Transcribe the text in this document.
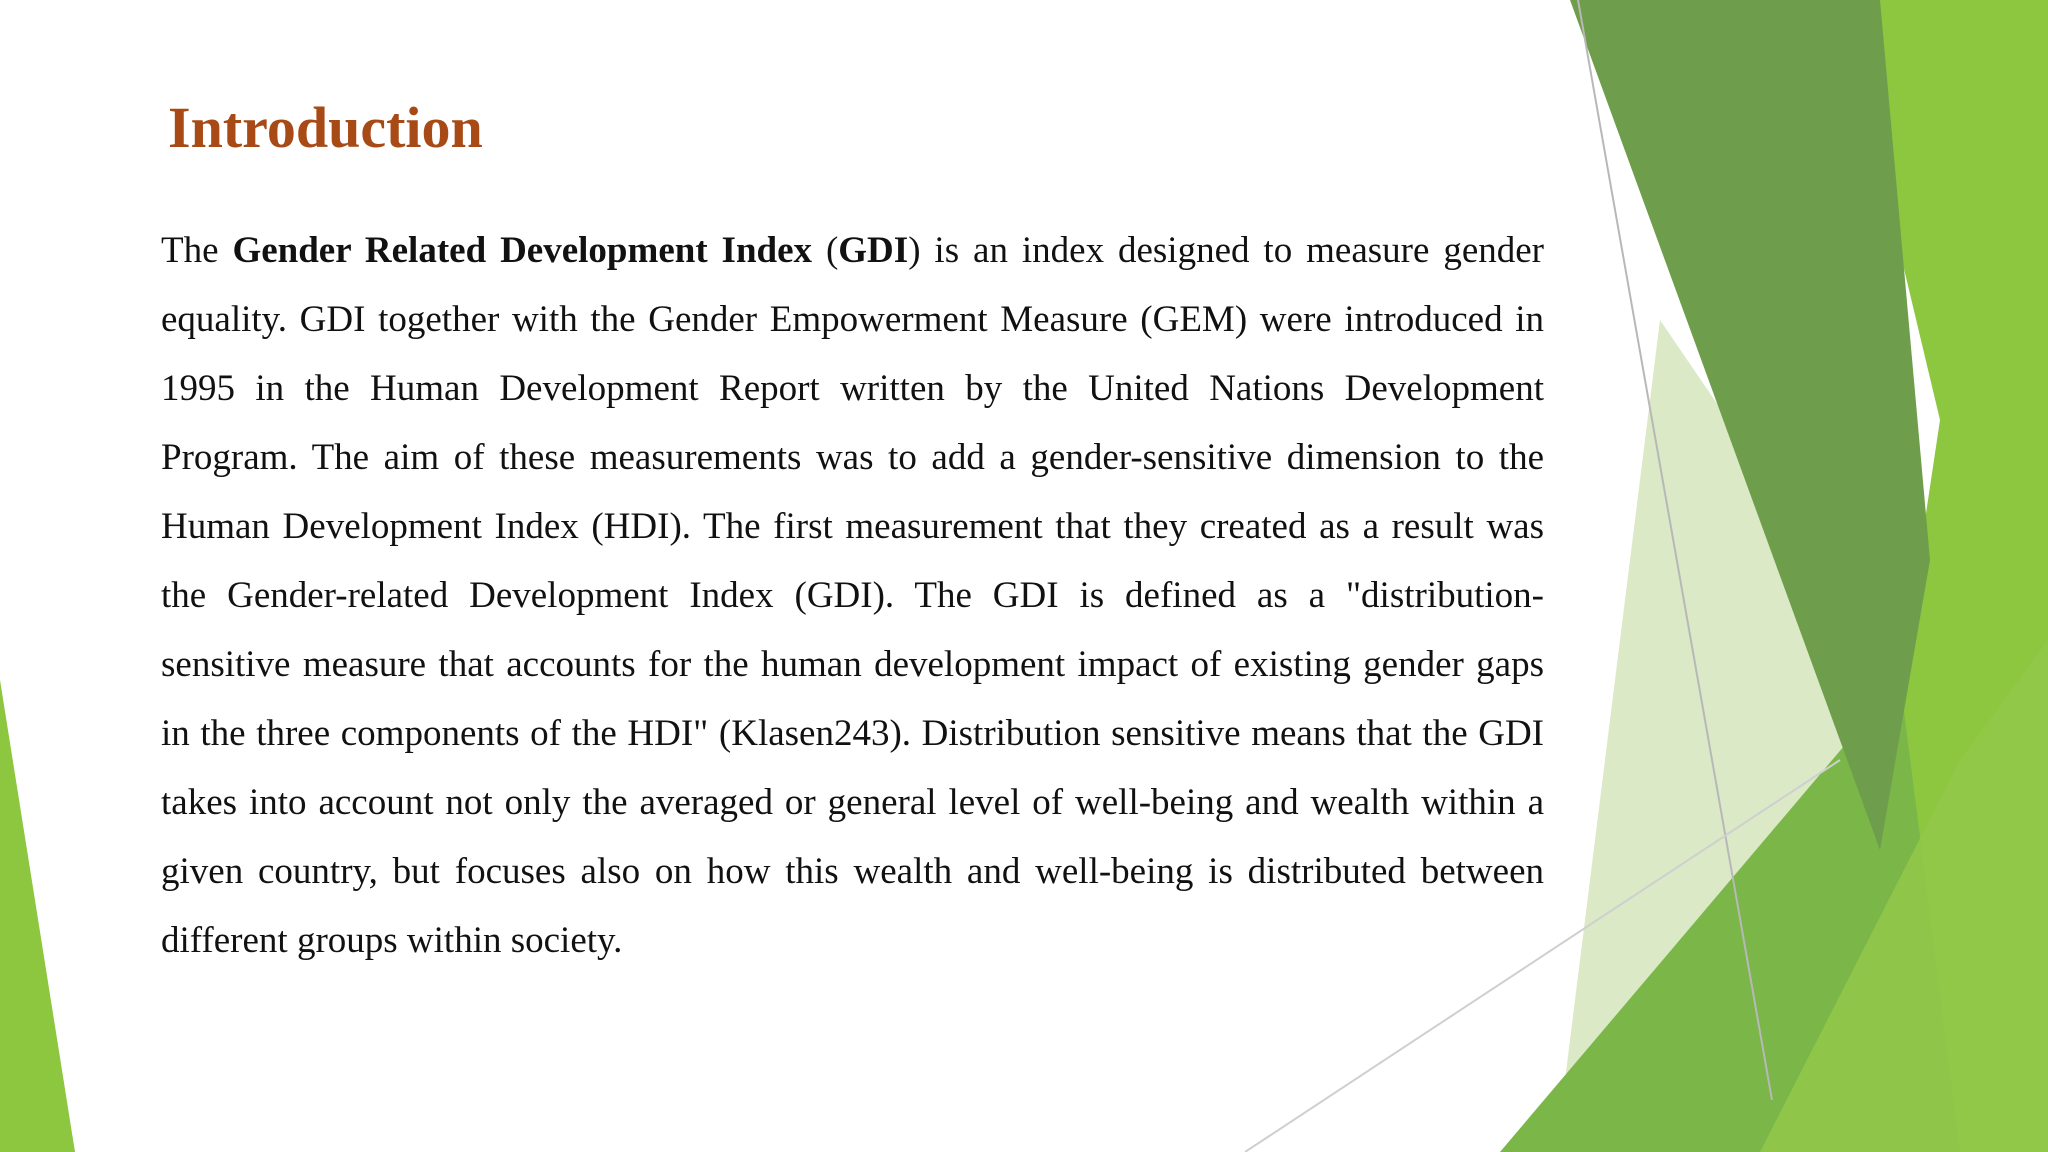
Introduction

The Gender Related Development Index (GDI) is an index designed to measure gender equality. GDI together with the Gender Empowerment Measure (GEM) were introduced in 1995 in the Human Development Report written by the United Nations Development Program. The aim of these measurements was to add a gender-sensitive dimension to the Human Development Index (HDI). The first measurement that they created as a result was the Gender-related Development Index (GDI). The GDI is defined as a "distribution-sensitive measure that accounts for the human development impact of existing gender gaps in the three components of the HDI" (Klasen243). Distribution sensitive means that the GDI takes into account not only the averaged or general level of well-being and wealth within a given country, but focuses also on how this wealth and well-being is distributed between different groups within society.
